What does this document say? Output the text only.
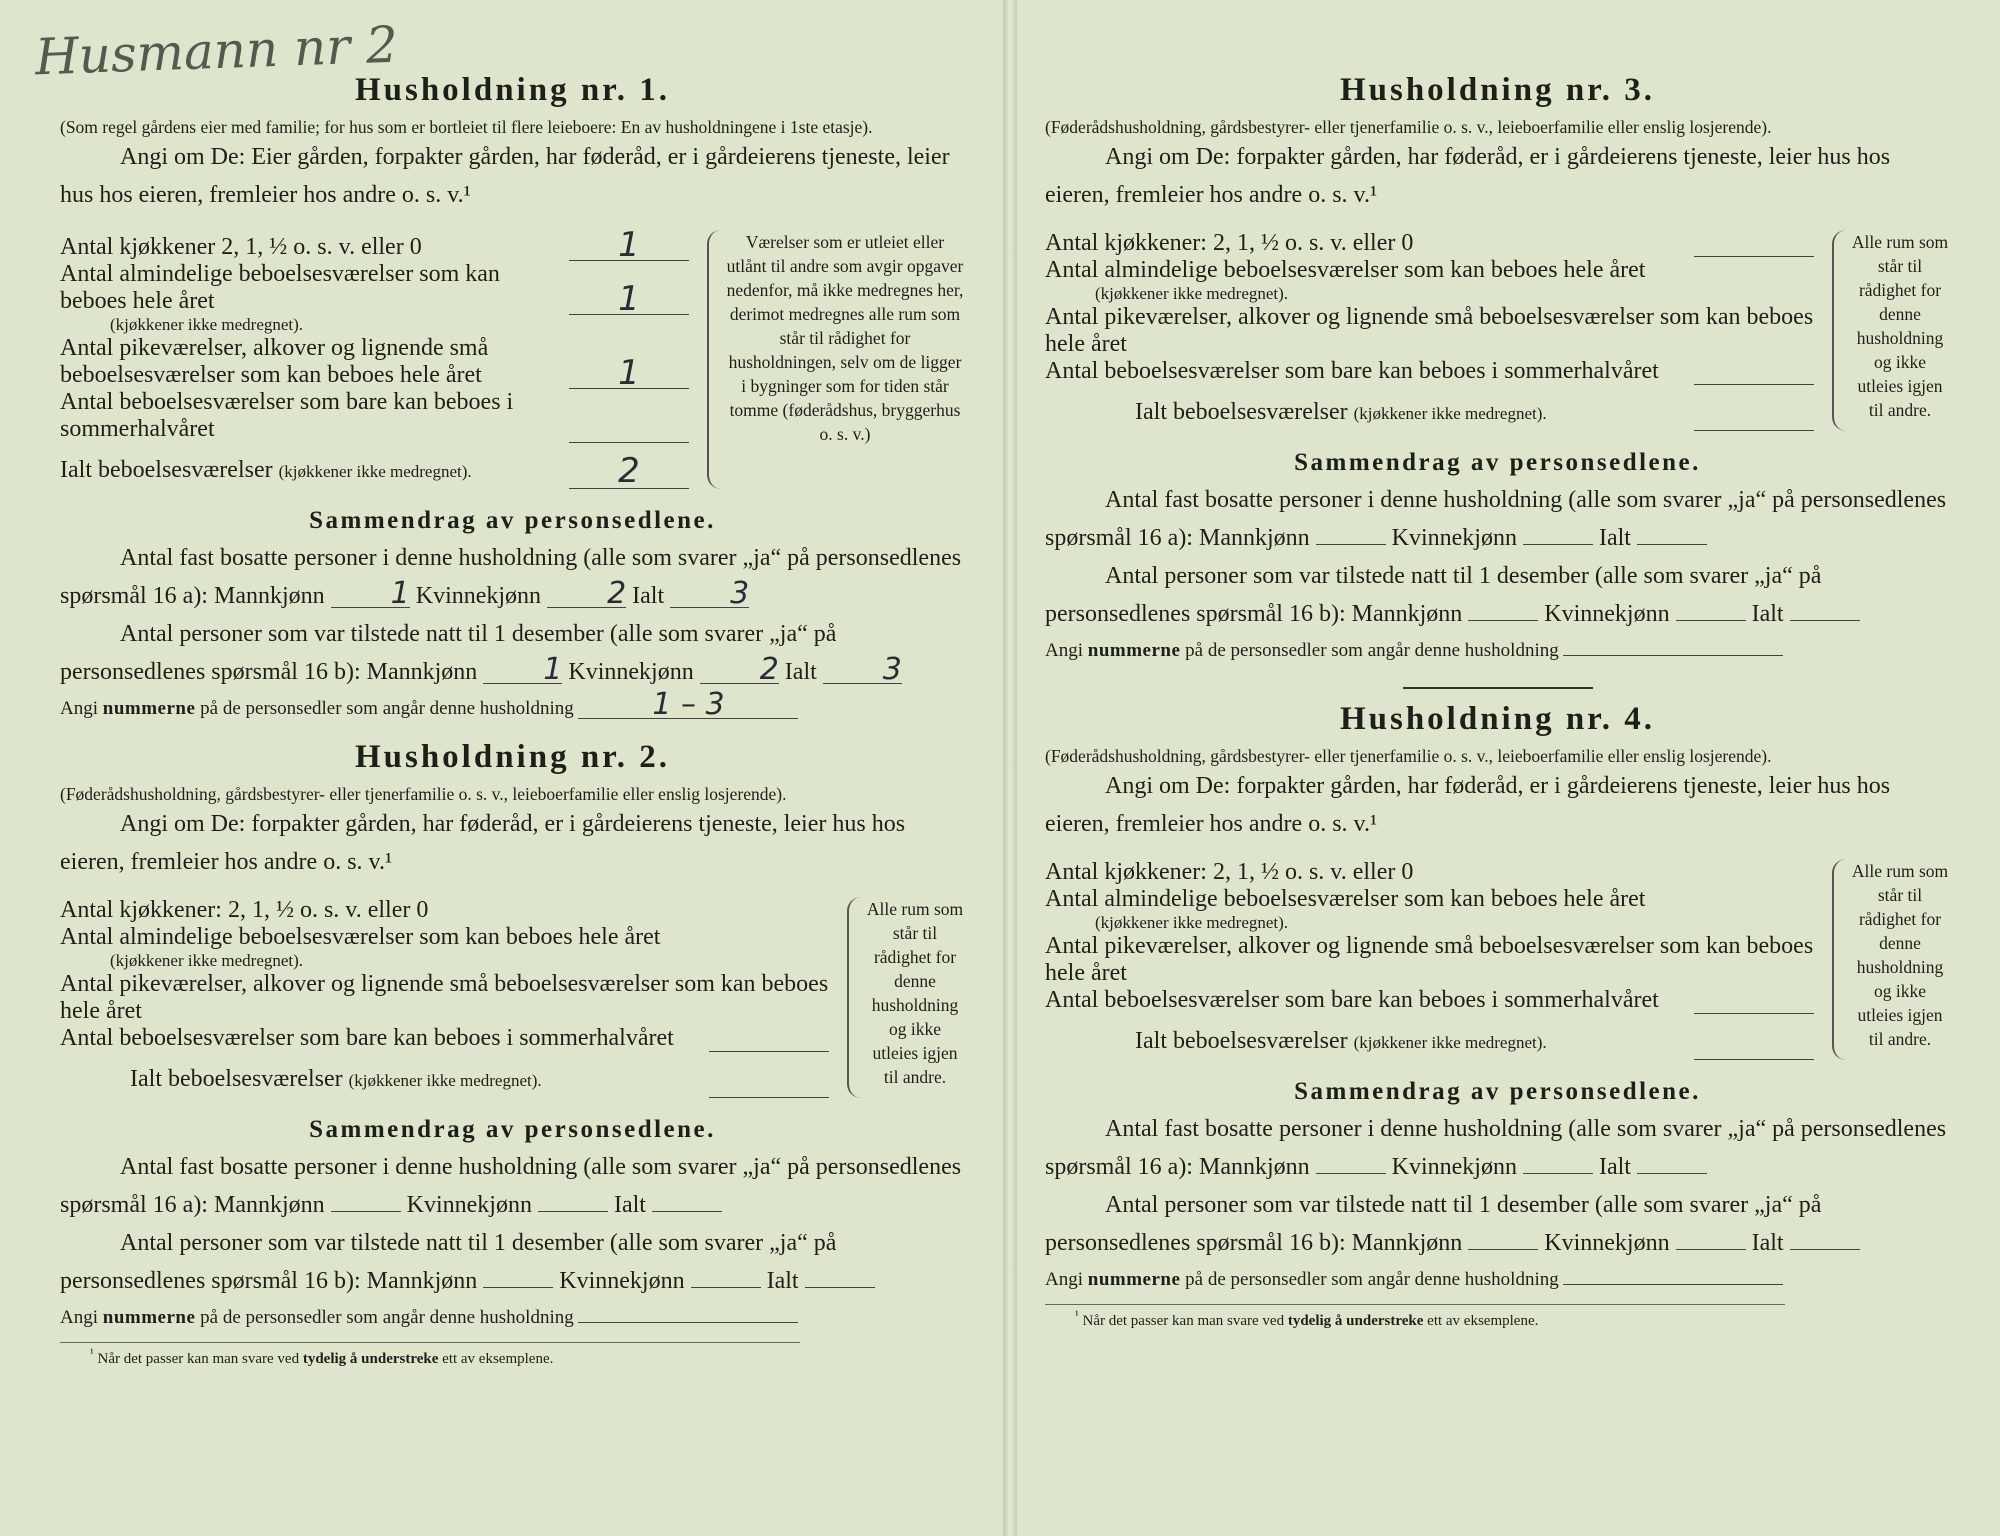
Husmann nr 2
Husholdning nr. 1.
(Som regel gårdens eier med familie; for hus som er bortleiet til flere leieboere: En av husholdningene i 1ste etasje).
Angi om De: Eier gården, forpakter gården, har føderåd, er i gårdeierens tjeneste, leier hus hos eieren, fremleier hos andre o. s. v.¹
Antal kjøkkener 2, 1, ½ o. s. v. eller 0	1
Antal almindelige beboelsesværelser som kan beboes hele året	1
(kjøkkener ikke medregnet).
Antal pikeværelser, alkover og lignende små beboelsesværelser som kan beboes hele året	1
Antal beboelsesværelser som bare kan beboes i sommerhalvåret
Ialt beboelsesværelser (kjøkkener ikke medregnet).	2
Værelser som er utleiet eller utlånt til andre som avgir opgaver nedenfor, må ikke medregnes her, derimot medregnes alle rum som står til rådighet for husholdningen, selv om de ligger i bygninger som for tiden står tomme (føderådshus, bryggerhus o. s. v.)
Sammendrag av personsedlene.
Antal fast bosatte personer i denne husholdning (alle som svarer „ja“ på personsedlenes spørsmål 16 a): Mannkjønn 1 Kvinnekjønn 2 Ialt 3
Antal personer som var tilstede natt til 1 desember (alle som svarer „ja“ på personsedlenes spørsmål 16 b): Mannkjønn 1 Kvinnekjønn 2 Ialt 3
Angi nummerne på de personsedler som angår denne husholdning	1 – 3
Husholdning nr. 2.
(Føderådshusholdning, gårdsbestyrer- eller tjenerfamilie o. s. v., leieboerfamilie eller enslig losjerende).
Angi om De: forpakter gården, har føderåd, er i gårdeierens tjeneste, leier hus hos eieren, fremleier hos andre o. s. v.¹
Antal kjøkkener: 2, 1, ½ o. s. v. eller 0
Antal almindelige beboelsesværelser som kan beboes hele året
(kjøkkener ikke medregnet).
Antal pikeværelser, alkover og lignende små beboelsesværelser som kan beboes hele året
Antal beboelsesværelser som bare kan beboes i sommerhalvåret
Ialt beboelsesværelser (kjøkkener ikke medregnet).
Alle rum som står til rådighet for denne husholdning og ikke utleies igjen til andre.
Sammendrag av personsedlene.
Antal fast bosatte personer i denne husholdning (alle som svarer „ja“ på personsedlenes spørsmål 16 a): Mannkjønn	Kvinnekjønn	Ialt
Antal personer som var tilstede natt til 1 desember (alle som svarer „ja“ på personsedlenes spørsmål 16 b): Mannkjønn	Kvinnekjønn	Ialt
Angi nummerne på de personsedler som angår denne husholdning
$^{^1}$ Når det passer kan man svare ved tydelig å understreke ett av eksemplene.
Husholdning nr. 3.
(Føderådshusholdning, gårdsbestyrer- eller tjenerfamilie o. s. v., leieboerfamilie eller enslig losjerende).
Angi om De: forpakter gården, har føderåd, er i gårdeierens tjeneste, leier hus hos eieren, fremleier hos andre o. s. v.¹
Antal kjøkkener: 2, 1, ½ o. s. v. eller 0
Antal almindelige beboelsesværelser som kan beboes hele året
(kjøkkener ikke medregnet).
Antal pikeværelser, alkover og lignende små beboelsesværelser som kan beboes hele året
Antal beboelsesværelser som bare kan beboes i sommerhalvåret
Ialt beboelsesværelser (kjøkkener ikke medregnet).
Alle rum som står til rådighet for denne husholdning og ikke utleies igjen til andre.
Sammendrag av personsedlene.
Antal fast bosatte personer i denne husholdning (alle som svarer „ja“ på personsedlenes spørsmål 16 a): Mannkjønn	Kvinnekjønn	Ialt
Antal personer som var tilstede natt til 1 desember (alle som svarer „ja“ på personsedlenes spørsmål 16 b): Mannkjønn	Kvinnekjønn	Ialt
Angi nummerne på de personsedler som angår denne husholdning
Husholdning nr. 4.
(Føderådshusholdning, gårdsbestyrer- eller tjenerfamilie o. s. v., leieboerfamilie eller enslig losjerende).
Angi om De: forpakter gården, har føderåd, er i gårdeierens tjeneste, leier hus hos eieren, fremleier hos andre o. s. v.¹
Antal kjøkkener: 2, 1, ½ o. s. v. eller 0
Antal almindelige beboelsesværelser som kan beboes hele året
(kjøkkener ikke medregnet).
Antal pikeværelser, alkover og lignende små beboelsesværelser som kan beboes hele året
Antal beboelsesværelser som bare kan beboes i sommerhalvåret
Ialt beboelsesværelser (kjøkkener ikke medregnet).
Alle rum som står til rådighet for denne husholdning og ikke utleies igjen til andre.
Sammendrag av personsedlene.
Antal fast bosatte personer i denne husholdning (alle som svarer „ja“ på personsedlenes spørsmål 16 a): Mannkjønn	Kvinnekjønn	Ialt
Antal personer som var tilstede natt til 1 desember (alle som svarer „ja“ på personsedlenes spørsmål 16 b): Mannkjønn	Kvinnekjønn	Ialt
Angi nummerne på de personsedler som angår denne husholdning
$^{^1}$ Når det passer kan man svare ved tydelig å understreke ett av eksemplene.
